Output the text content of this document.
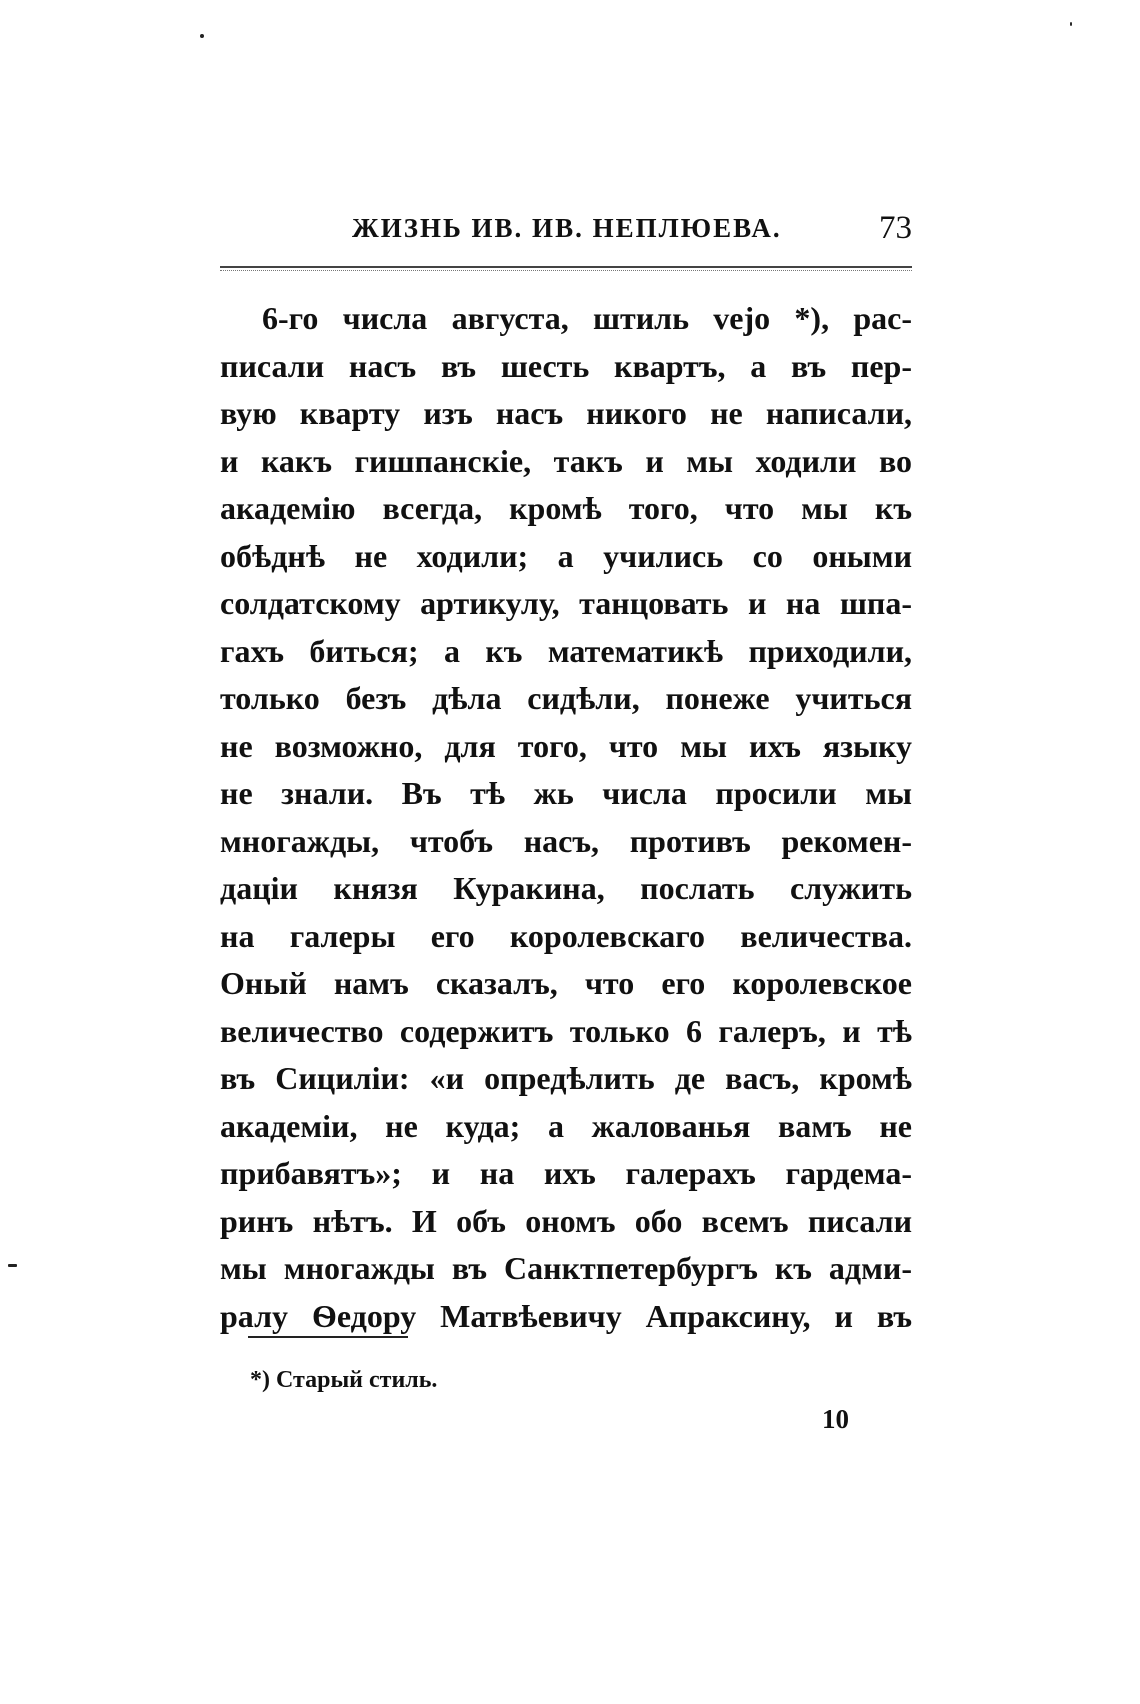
ЖИЗНЬ ИВ. ИВ. НЕПЛЮЕВА.	73
6-го числа августа, штиль vejo *), рас-
писали насъ въ шесть квартъ, а въ пер-
вую кварту изъ насъ никого не написали,
и какъ гишпанскіе, такъ и мы ходили во
академію всегда, кромѣ того, что мы къ
обѣднѣ не ходили; а учились со оными
солдатскому артикулу, танцовать и на шпа-
гахъ биться; а къ математикѣ приходили,
только безъ дѣла сидѣли, понеже учиться
не возможно, для того, что мы ихъ языку
не знали. Въ тѣ жь числа просили мы
многажды, чтобъ насъ, противъ рекомен-
даціи князя Куракина, послать служить
на галеры его королевскаго величества.
Оный намъ сказалъ, что его королевское
величество содержитъ только 6 галеръ, и тѣ
въ Сициліи: «и опредѣлить де васъ, кромѣ
академіи, не куда; а жалованья вамъ не
прибавятъ»; и на ихъ галерахъ гардема-
ринъ нѣтъ. И объ ономъ обо всемъ писали
мы многажды въ Санктпетербургъ къ адми-
ралу Ѳедору Матвѣевичу Апраксину, и въ
*) Старый стиль.
10
